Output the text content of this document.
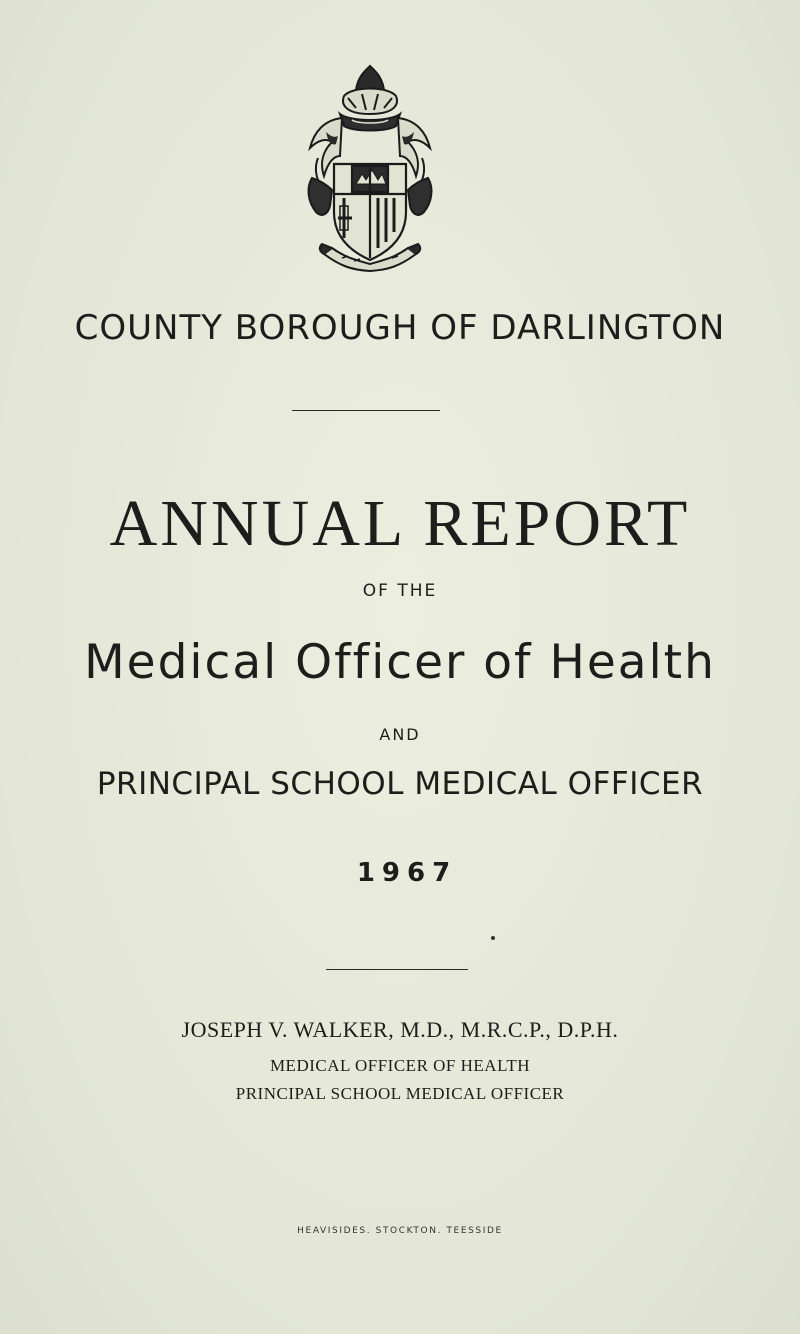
COUNTY BOROUGH OF DARLINGTON
ANNUAL REPORT
OF THE
Medical Officer of Health
AND
PRINCIPAL SCHOOL MEDICAL OFFICER
1967
JOSEPH V. WALKER, M.D., M.R.C.P., D.P.H.
MEDICAL OFFICER OF HEALTH
PRINCIPAL SCHOOL MEDICAL OFFICER
HEAVISIDES. STOCKTON. TEESSIDE
